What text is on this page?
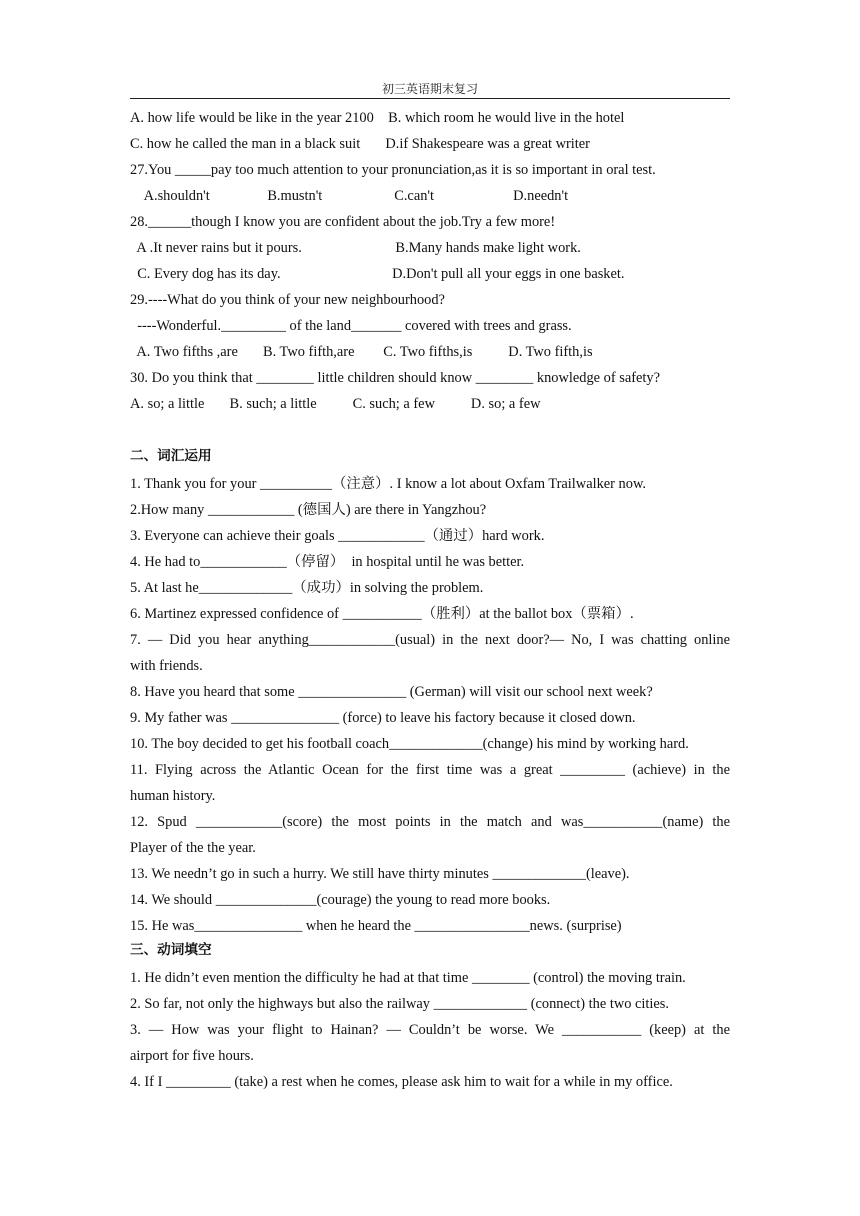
初三英语期末复习
A. how life would be like in the year 2100    B. which room he would live in the hotel
C. how he called the man in a black suit       D.if Shakespeare was a great writer
27.You _____pay too much attention to your pronunciation,as it is so important in oral test.
A.shouldn't                B.mustn't                    C.can't                      D.needn't
28.______though I know you are confident about the job.Try a few more!
A .It never rains but it pours.                          B.Many hands make light work.
C. Every dog has its day.                               D.Don't pull all your eggs in one basket.
29.----What do you think of your new neighbourhood?
----Wonderful._________ of the land_______ covered with trees and grass.
A. Two fifths ,are       B. Two fifth,are        C. Two fifths,is          D. Two fifth,is
30. Do you think that ________ little children should know ________ knowledge of safety?
A. so; a little       B. such; a little          C. such; a few          D. so; a few
二、词汇运用
1. Thank you for your __________（注意）. I know a lot about Oxfam Trailwalker now.
2.How many ____________ (德国人) are there in Yangzhou?
3. Everyone can achieve their goals ____________（通过）hard work.
4. He had to____________（停留）  in hospital until he was better.
5. At last he_____________（成功）in solving the problem.
6. Martinez expressed confidence of ___________（胜利）at the ballot box（票箱）.
7. — Did you hear anything____________(usual) in the next door?— No, I was chatting online
with friends.
8. Have you heard that some _______________ (German) will visit our school next week?
9. My father was _______________ (force) to leave his factory because it closed down.
10. The boy decided to get his football coach_____________(change) his mind by working hard.
11. Flying across the Atlantic Ocean for the first time was a great _________ (achieve) in the
human history.
12. Spud ____________(score) the most points in the match and was___________(name) the
Player of the the year.
13. We needn’t go in such a hurry. We still have thirty minutes _____________(leave).
14. We should ______________(courage) the young to read more books.
15. He was_______________ when he heard the ________________news. (surprise)
三、动词填空
1. He didn’t even mention the difficulty he had at that time ________ (control) the moving train.
2. So far, not only the highways but also the railway _____________ (connect) the two cities.
3. — How was your flight to Hainan? — Couldn’t be worse. We ___________ (keep) at the
airport for five hours.
4. If I _________ (take) a rest when he comes, please ask him to wait for a while in my office.
